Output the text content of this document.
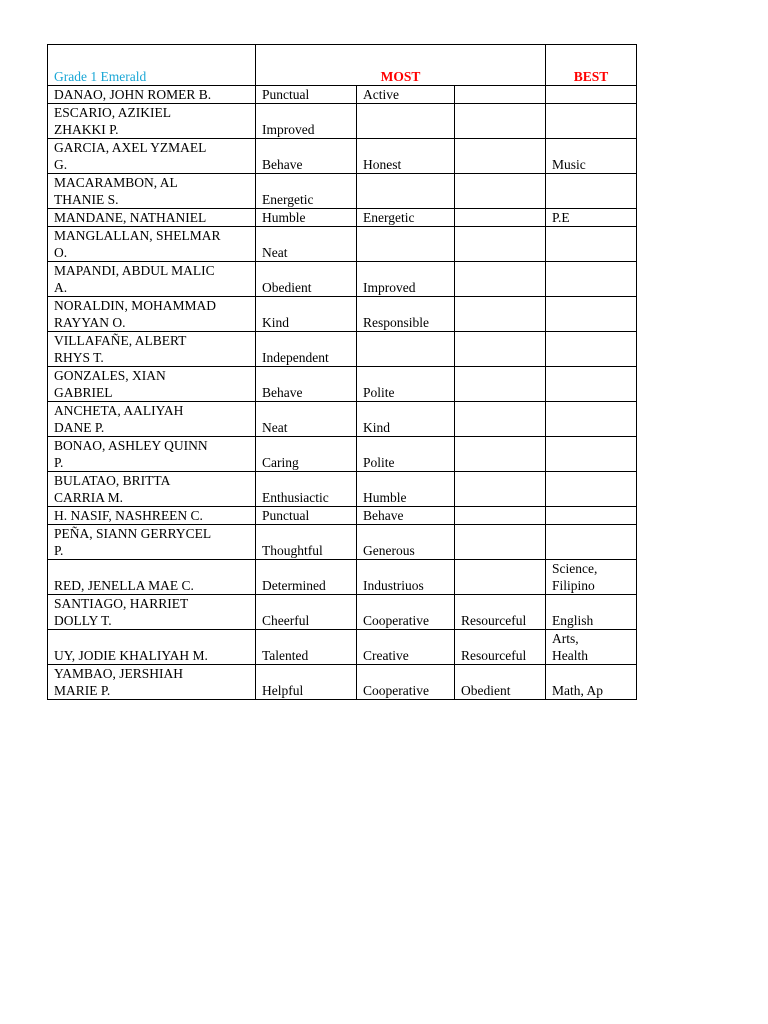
Grade 1 Emerald	MOST			BEST
DANAO, JOHN ROMER B.	Punctual	Active		
ESCARIO, AZIKIEL
ZHAKKI P.	Improved			
GARCIA, AXEL YZMAEL
G.	Behave	Honest		Music
MACARAMBON, AL
THANIE S.	Energetic			
MANDANE, NATHANIEL	Humble	Energetic		P.E
MANGLALLAN, SHELMAR
O.	Neat			
MAPANDI, ABDUL MALIC
A.	Obedient	Improved		
NORALDIN, MOHAMMAD
RAYYAN O.	Kind	Responsible		
VILLAFAÑE, ALBERT
RHYS T.	Independent			
GONZALES, XIAN
GABRIEL	Behave	Polite		
ANCHETA, AALIYAH
DANE P.	Neat	Kind		
BONAO, ASHLEY QUINN
P.	Caring	Polite		
BULATAO, BRITTA
CARRIA M.	Enthusiactic	Humble		
H. NASIF, NASHREEN C.	Punctual	Behave		
PEÑA, SIANN GERRYCEL
P.	Thoughtful	Generous		
RED, JENELLA MAE C.	Determined	Industriuos		Science,
Filipino
SANTIAGO, HARRIET
DOLLY T.	Cheerful	Cooperative	Resourceful	English
UY, JODIE KHALIYAH M.	Talented	Creative	Resourceful	Arts,
Health
YAMBAO, JERSHIAH
MARIE P.	Helpful	Cooperative	Obedient	Math, Ap
